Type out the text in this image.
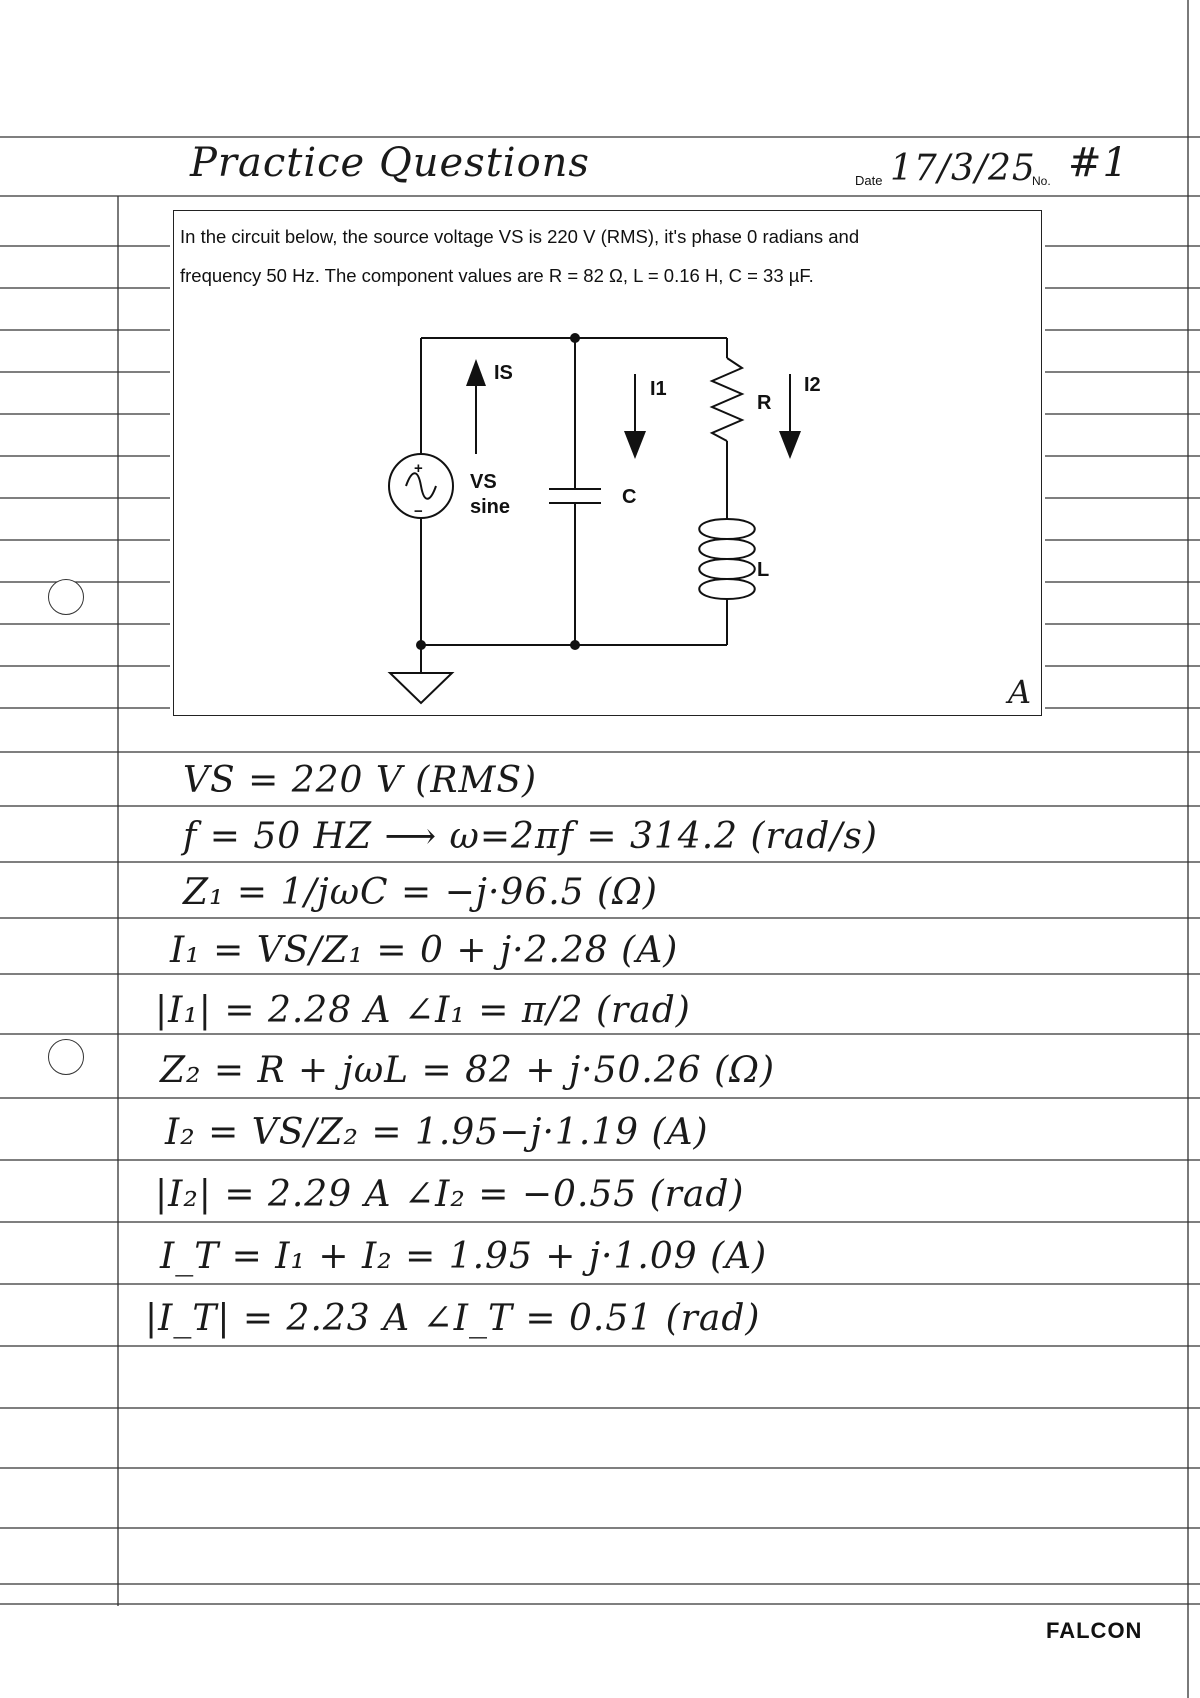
Practice Questions	Date 17/3/25
No. #1
In the circuit below, the source voltage VS is 220 V (RMS), it's phase 0 radians and
frequency 50 Hz. The component values are R = 82 Ω, L = 0.16 H, C = 33 µF.
IS
I1	I2
R
C
L
VS
sine
+
−
A
VS = 220 V (RMS)
f = 50 HZ ⟶ ω=2πf = 314.2 (rad/s)
Z₁ = 1/jωC = −j·96.5 (Ω)
I₁ = VS/Z₁ = 0 + j·2.28 (A)
|I₁| = 2.28 A ∠I₁ = π/2 (rad)
Z₂ = R + jωL = 82 + j·50.26 (Ω)
I₂ = VS/Z₂ = 1.95−j·1.19 (A)
|I₂| = 2.29 A ∠I₂ = −0.55 (rad)
I_T = I₁ + I₂ = 1.95 + j·1.09 (A)
|I_T| = 2.23 A ∠I_T = 0.51 (rad)
FALCON
